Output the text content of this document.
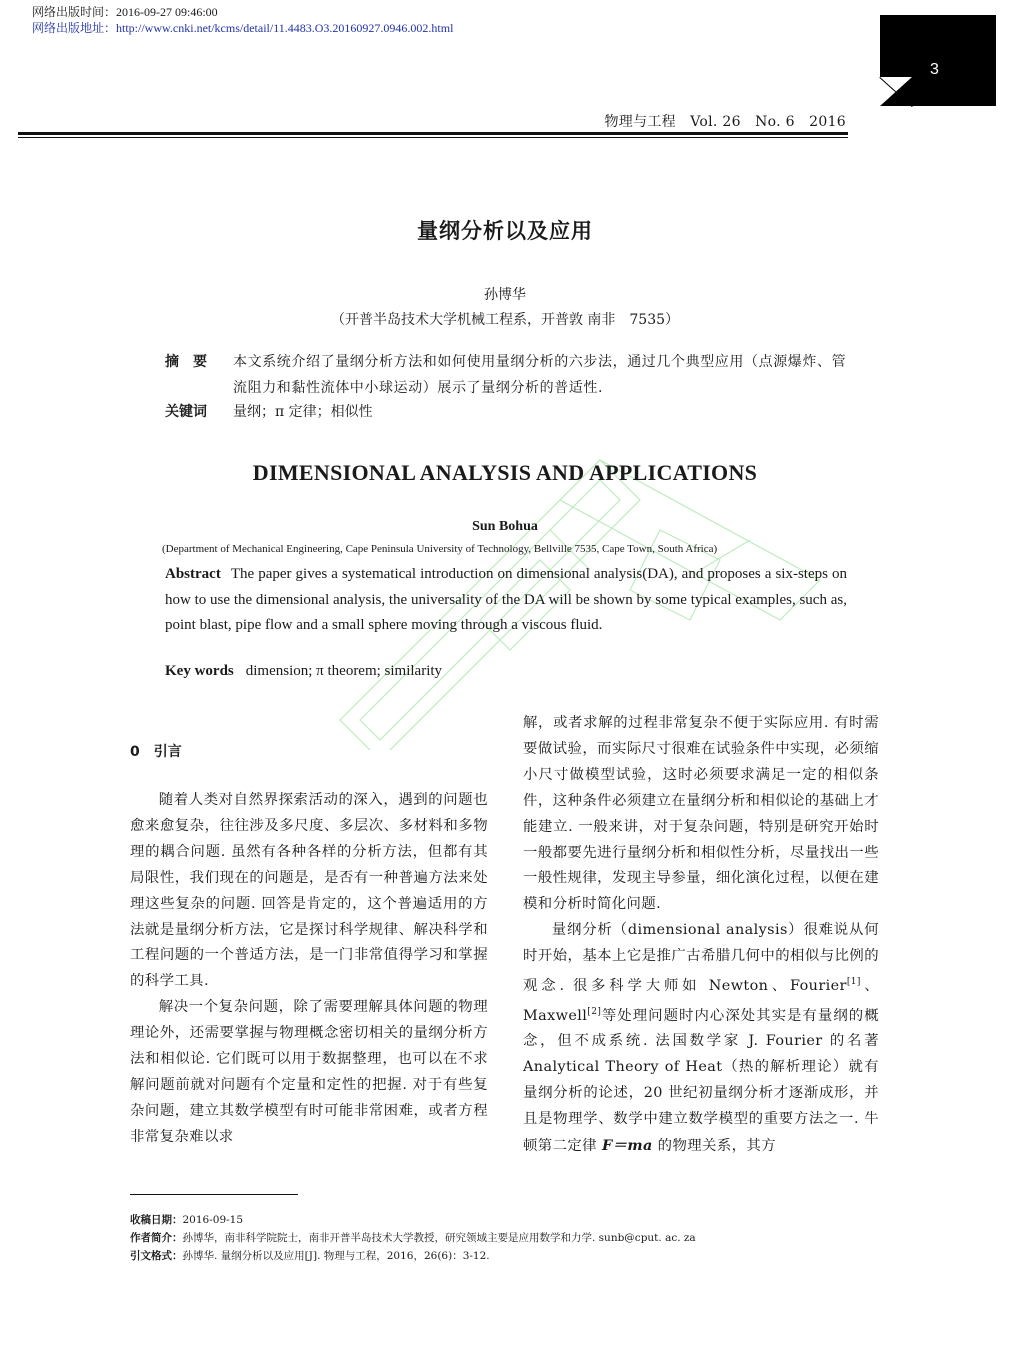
网络出版时间：2016-09-27 09:46:00
网络出版地址：http://www.cnki.net/kcms/detail/11.4483.O3.20160927.0946.002.html
3
物理与工程　Vol. 26　No. 6　2016
量纲分析以及应用
孙博华
（开普半岛技术大学机械工程系，开普敦 南非　7535）
摘　要 本文系统介绍了量纲分析方法和如何使用量纲分析的六步法，通过几个典型应用（点源爆炸、管流阻力和黏性流体中小球运动）展示了量纲分析的普适性.
关键词 量纲；π 定律；相似性
DIMENSIONAL ANALYSIS AND APPLICATIONS
Sun Bohua
(Department of Mechanical Engineering, Cape Peninsula University of Technology, Bellville 7535, Cape Town, South Africa)
Abstract The paper gives a systematical introduction on dimensional analysis(DA), and proposes a six-steps on how to use the dimensional analysis, the universality of the DA will be shown by some typical examples, such as, point blast, pipe flow and a small sphere moving through a viscous fluid.
Key words dimension; π theorem; similarity
0　引言

随着人类对自然界探索活动的深入，遇到的问题也愈来愈复杂，往往涉及多尺度、多层次、多材料和多物理的耦合问题. 虽然有各种各样的分析方法，但都有其局限性，我们现在的问题是，是否有一种普遍方法来处理这些复杂的问题. 回答是肯定的，这个普遍适用的方法就是量纲分析方法，它是探讨科学规律、解决科学和工程问题的一个普适方法，是一门非常值得学习和掌握的科学工具.

解决一个复杂问题，除了需要理解具体问题的物理理论外，还需要掌握与物理概念密切相关的量纲分析方法和相似论. 它们既可以用于数据整理，也可以在不求解问题前就对问题有个定量和定性的把握. 对于有些复杂问题，建立其数学模型有时可能非常困难，或者方程非常复杂难以求

解，或者求解的过程非常复杂不便于实际应用. 有时需要做试验，而实际尺寸很难在试验条件中实现，必须缩小尺寸做模型试验，这时必须要求满足一定的相似条件，这种条件必须建立在量纲分析和相似论的基础上才能建立. 一般来讲，对于复杂问题，特别是研究开始时一般都要先进行量纲分析和相似性分析，尽量找出一些一般性规律，发现主导参量，细化演化过程，以便在建模和分析时简化问题.

量纲分析（dimensional analysis）很难说从何时开始，基本上它是推广古希腊几何中的相似与比例的观念. 很多科学大师如 Newton、Fourier[1]、Maxwell[2]等处理问题时内心深处其实是有量纲的概念，但不成系统. 法国数学家 J. Fourier 的名著 Analytical Theory of Heat（热的解析理论）就有量纲分析的论述，20 世纪初量纲分析才逐渐成形，并且是物理学、数学中建立数学模型的重要方法之一. 牛顿第二定律 F＝ma 的物理关系，其方

收稿日期：2016-09-15
作者简介：孙博华，南非科学院院士，南非开普半岛技术大学教授，研究领域主要是应用数学和力学. sunb@cput. ac. za
引文格式：孙博华. 量纲分析以及应用[J]. 物理与工程，2016，26(6)：3-12.
